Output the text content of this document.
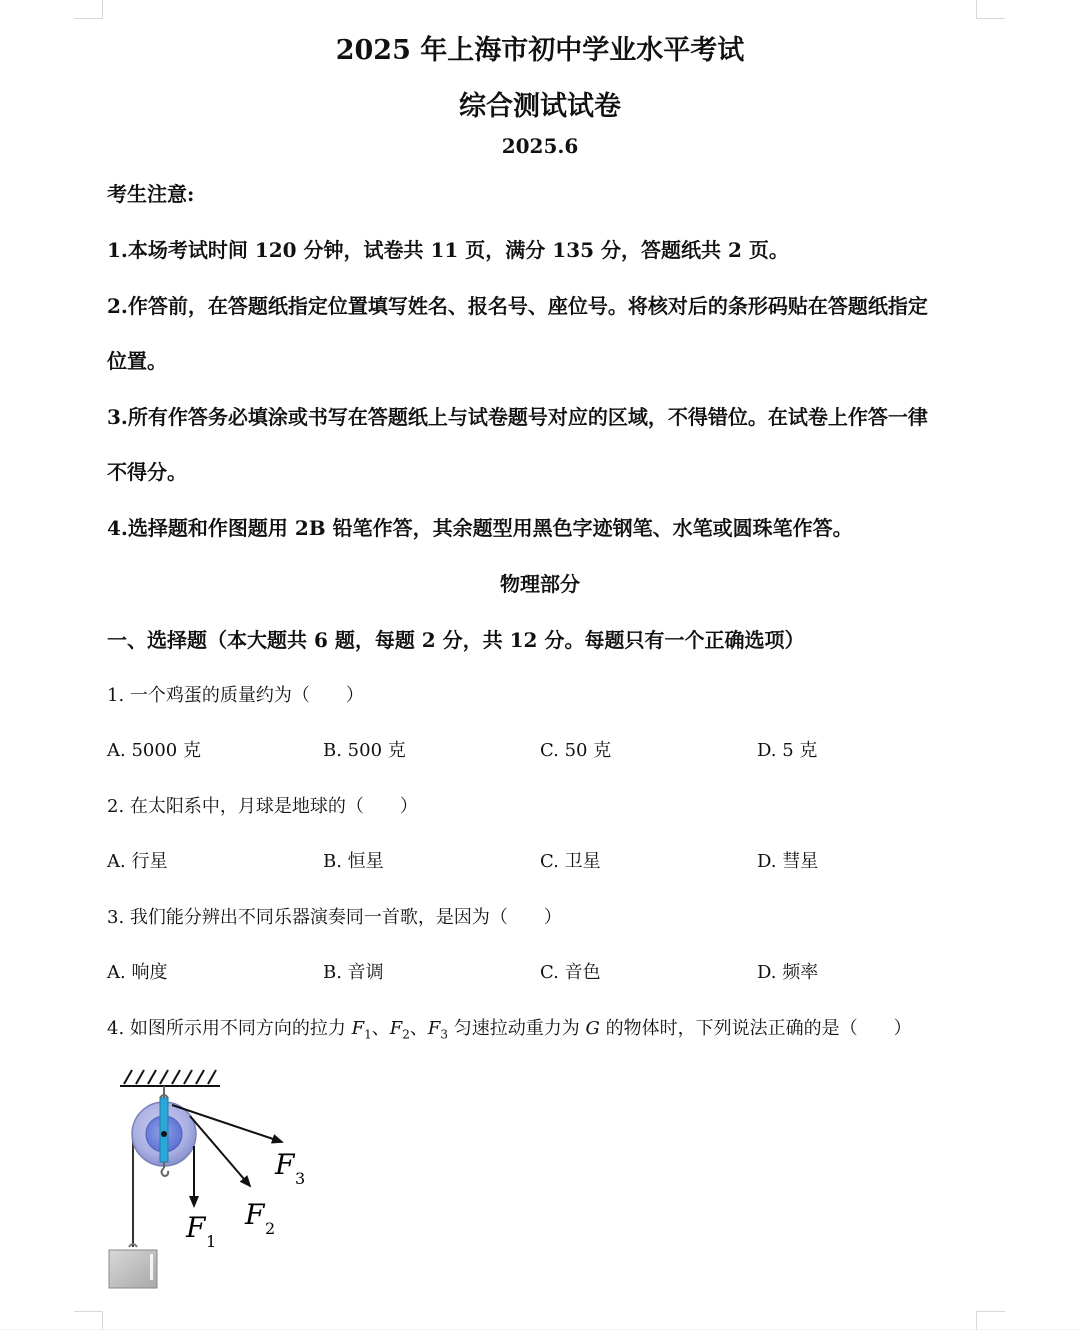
2025 年上海市初中学业水平考试
综合测试试卷
2025.6
考生注意:
1.本场考试时间 120 分钟，试卷共 11 页，满分 135 分，答题纸共 2 页。
2.作答前，在答题纸指定位置填写姓名、报名号、座位号。将核对后的条形码贴在答题纸指定
位置。
3.所有作答务必填涂或书写在答题纸上与试卷题号对应的区域，不得错位。在试卷上作答一律
不得分。
4.选择题和作图题用 2B 铅笔作答，其余题型用黑色字迹钢笔、水笔或圆珠笔作答。
物理部分
一、选择题（本大题共 6 题，每题 2 分，共 12 分。每题只有一个正确选项）
1. 一个鸡蛋的质量约为（　　）
A. 5000 克	B. 500 克	C. 50 克	D. 5 克
2. 在太阳系中，月球是地球的（　　）
A. 行星	B. 恒星	C. 卫星	D. 彗星
3. 我们能分辨出不同乐器演奏同一首歌，是因为（　　）
A. 响度	B. 音调	C. 音色	D. 频率
4. 如图所示用不同方向的拉力 $F_1$、$F_2$、$F_3$ 匀速拉动重力为 G 的物体时，下列说法正确的是（　　）
F 1
F 2
F 3
